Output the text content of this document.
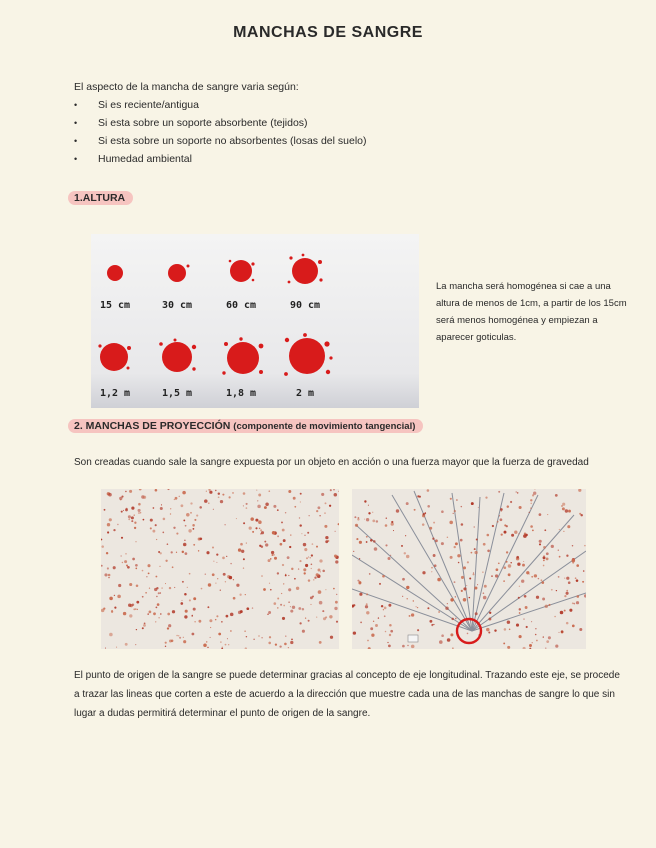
MANCHAS DE SANGRE
El aspecto de la mancha de sangre varia según:
• Si es reciente/antigua
• Si esta sobre un soporte absorbente (tejidos)
• Si esta sobre un soporte no absorbentes (losas del suelo)
• Humedad ambiental
1.ALTURA
15 cm	30 cm	60 cm	90 cm
1,2 m	1,5 m	1,8 m	2 m
La mancha será homogénea si cae a una altura de menos de 1cm, a partir de los 15cm será menos homogénea y empiezan a aparecer goticulas.
2. MANCHAS DE PROYECCIÓN (componente de movimiento tangencial)
Son creadas cuando sale la sangre expuesta por un objeto en acción o una fuerza mayor que la fuerza de gravedad
El punto de origen de la sangre se puede determinar gracias al concepto de eje longitudinal. Trazando este eje, se procede a trazar las lineas que corten a este de acuerdo a la dirección que muestre cada una de las manchas de sangre lo que sin lugar a dudas permitirá determinar el punto de origen de la sangre.
